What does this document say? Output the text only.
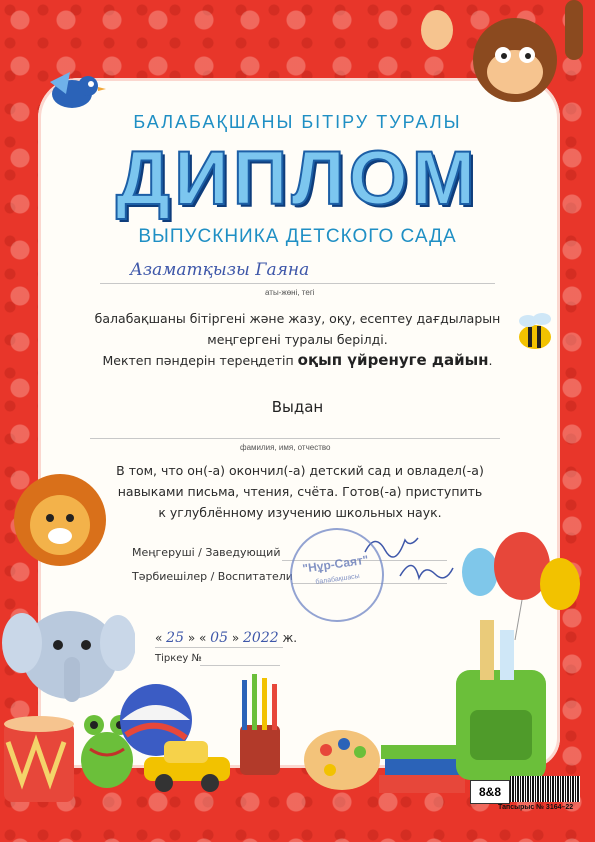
БАЛАБАҚШАНЫ БІТІРУ ТУРАЛЫ
ДИПЛОМ
ВЫПУСКНИКА ДЕТСКОГО САДА
Азаматқызы Гаяна
аты-жөні, тегі
балабақшаны бітіргені және жазу, оқу, есептеу дағдыларын
меңгергені туралы берілді.
Мектеп пәндерін тереңдетіп оқып үйренуге дайын.
Выдан
фамилия, имя, отчество
В том, что он(-а) окончил(-а) детский сад и овладел(-а)
навыками письма, чтения, счёта. Готов(-а) приступить
к углублённому изучению школьных наук.
Меңгеруші / Заведующий
Тәрбиешілер / Воспитатели
"Нұр-Саят"
балабақшасы
« 25 » « 05 » 2022 ж.
Тіркеу №
8&8
Тапсырыс № 3164–22
